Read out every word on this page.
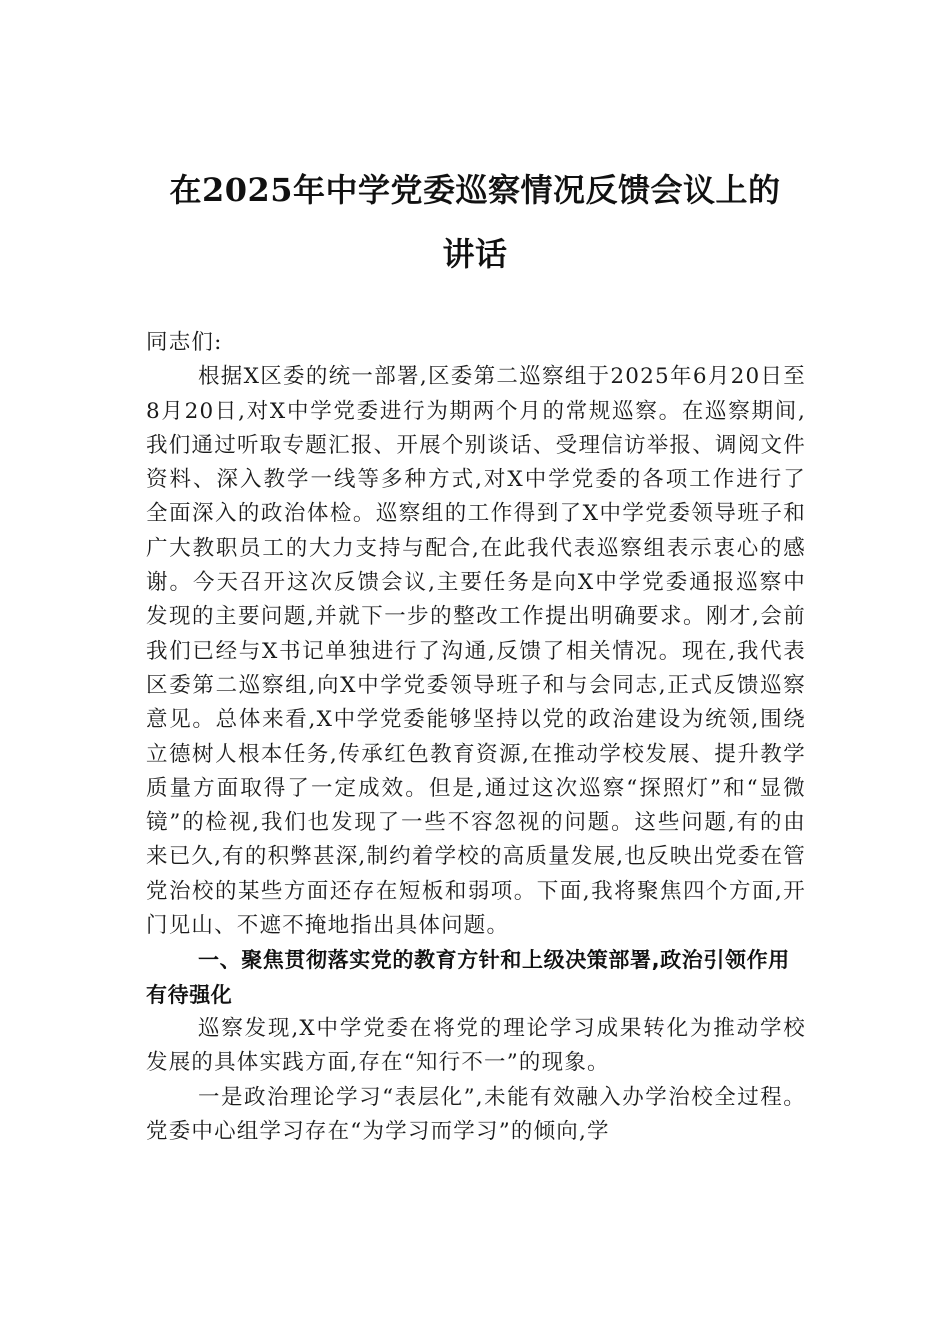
在2025年中学党委巡察情况反馈会议上的
讲话

同志们:

根据X区委的统一部署,区委第二巡察组于2025年6月20日至8月20日,对X中学党委进行为期两个月的常规巡察。在巡察期间,我们通过听取专题汇报、开展个别谈话、受理信访举报、调阅文件资料、深入教学一线等多种方式,对X中学党委的各项工作进行了全面深入的政治体检。巡察组的工作得到了X中学党委领导班子和广大教职员工的大力支持与配合,在此我代表巡察组表示衷心的感谢。今天召开这次反馈会议,主要任务是向X中学党委通报巡察中发现的主要问题,并就下一步的整改工作提出明确要求。刚才,会前我们已经与X书记单独进行了沟通,反馈了相关情况。现在,我代表区委第二巡察组,向X中学党委领导班子和与会同志,正式反馈巡察意见。总体来看,X中学党委能够坚持以党的政治建设为统领,围绕立德树人根本任务,传承红色教育资源,在推动学校发展、提升教学质量方面取得了一定成效。但是,通过这次巡察“探照灯”和“显微镜”的检视,我们也发现了一些不容忽视的问题。这些问题,有的由来已久,有的积弊甚深,制约着学校的高质量发展,也反映出党委在管党治校的某些方面还存在短板和弱项。下面,我将聚焦四个方面,开门见山、不遮不掩地指出具体问题。

一、聚焦贯彻落实党的教育方针和上级决策部署,政治引领作用有待强化

巡察发现,X中学党委在将党的理论学习成果转化为推动学校发展的具体实践方面,存在“知行不一”的现象。

一是政治理论学习“表层化”,未能有效融入办学治校全过程。党委中心组学习存在“为学习而学习”的倾向,学
